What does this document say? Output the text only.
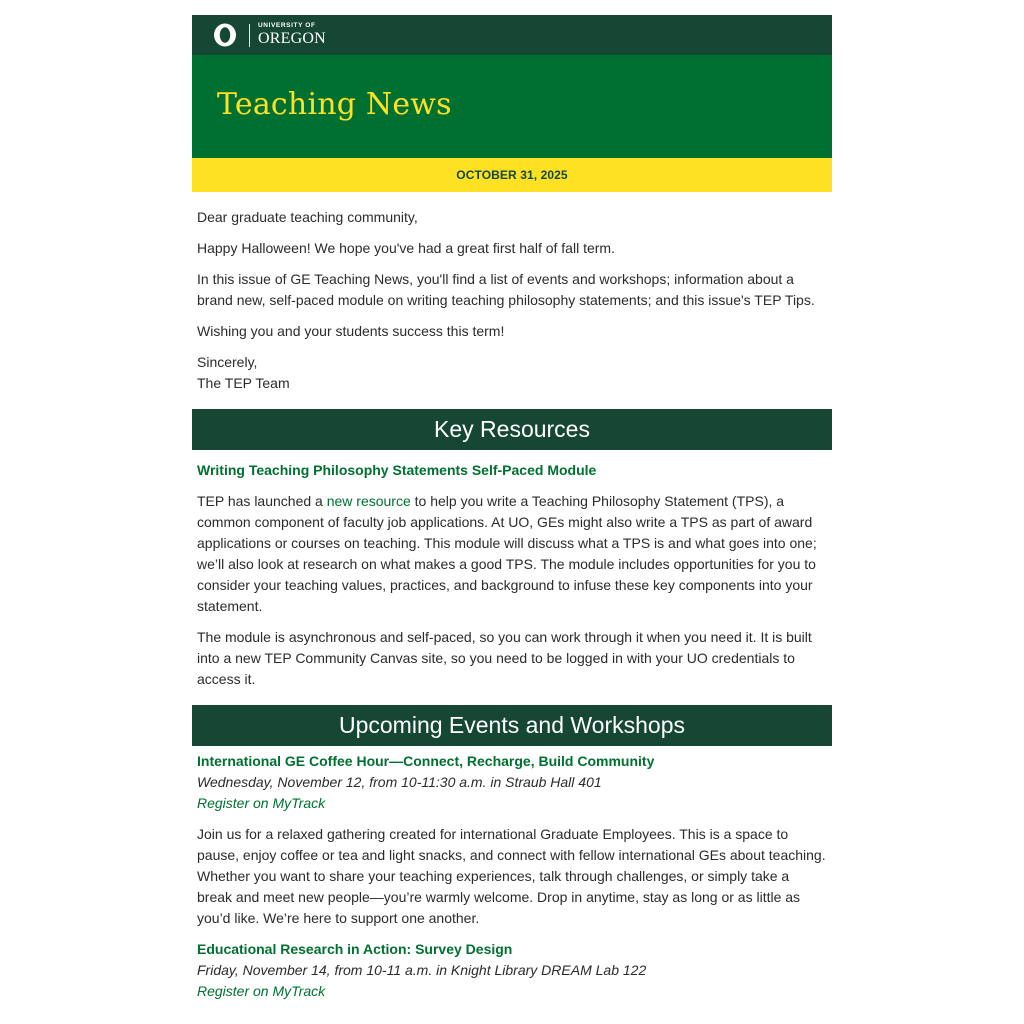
UNIVERSITY OF
OREGON
Teaching News
OCTOBER 31, 2025

Dear graduate teaching community,

Happy Halloween! We hope you've had a great first half of fall term.

In this issue of GE Teaching News, you'll find a list of events and workshops; information about a brand new, self-paced module on writing teaching philosophy statements; and this issue's TEP Tips.

Wishing you and your students success this term!

Sincerely,
The TEP Team

Key Resources
Writing Teaching Philosophy Statements Self-Paced Module

TEP has launched a new resource to help you write a Teaching Philosophy Statement (TPS), a common component of faculty job applications. At UO, GEs might also write a TPS as part of award applications or courses on teaching. This module will discuss what a TPS is and what goes into one; we’ll also look at research on what makes a good TPS. The module includes opportunities for you to consider your teaching values, practices, and background to infuse these key components into your statement.

The module is asynchronous and self-paced, so you can work through it when you need it. It is built into a new TEP Community Canvas site, so you need to be logged in with your UO credentials to access it.

Upcoming Events and Workshops
International GE Coffee Hour—Connect, Recharge, Build Community

Wednesday, November 12, from 10-11:30 a.m. in Straub Hall 401

Register on MyTrack

Join us for a relaxed gathering created for international Graduate Employees. This is a space to pause, enjoy coffee or tea and light snacks, and connect with fellow international GEs about teaching. Whether you want to share your teaching experiences, talk through challenges, or simply take a break and meet new people—you’re warmly welcome. Drop in anytime, stay as long or as little as you’d like. We’re here to support one another.

Educational Research in Action: Survey Design

Friday, November 14, from 10-11 a.m. in Knight Library DREAM Lab 122

Register on MyTrack
